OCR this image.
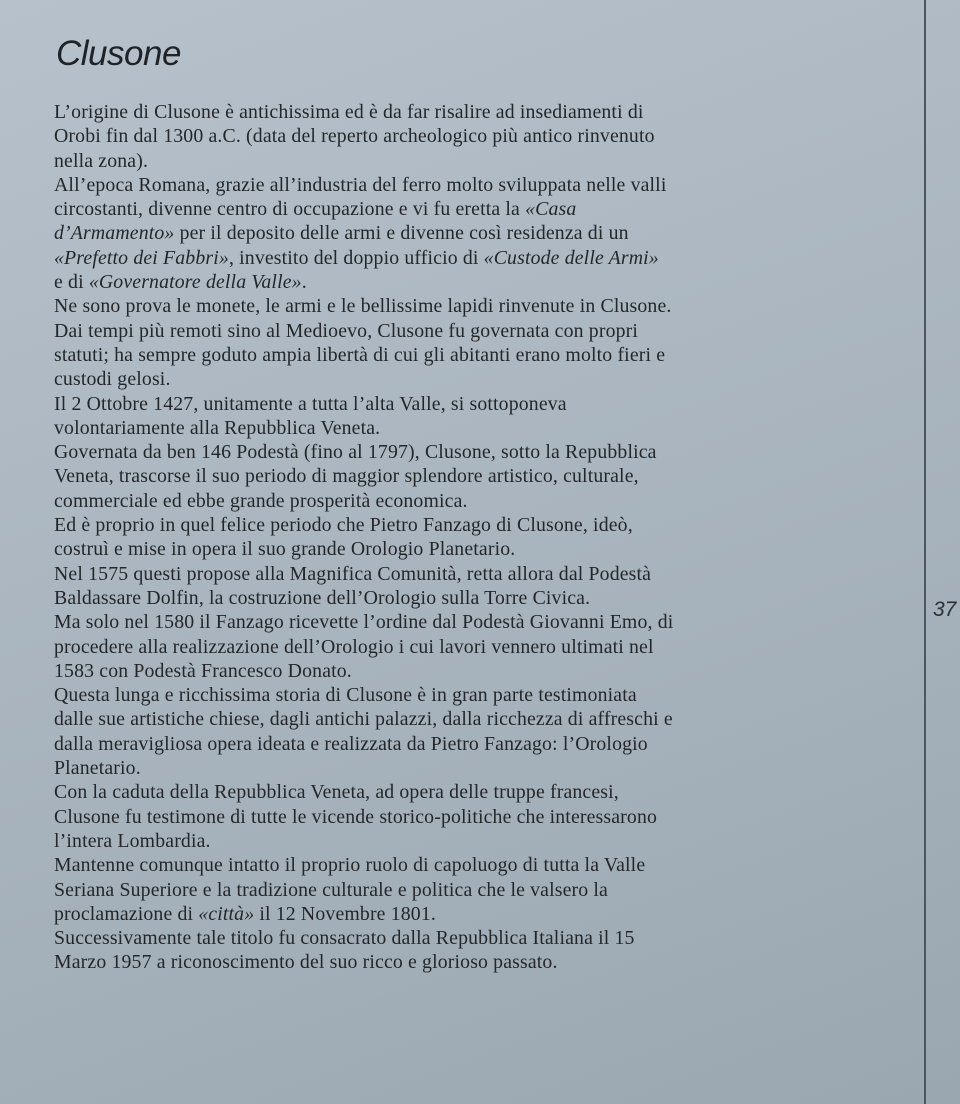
Clusone
L’origine di Clusone è antichissima ed è da far risalire ad insediamenti di
Orobi fin dal 1300 a.C. (data del reperto archeologico più antico rinvenuto
nella zona).
All’epoca Romana, grazie all’industria del ferro molto sviluppata nelle valli
circostanti, divenne centro di occupazione e vi fu eretta la «Casa
d’Armamento» per il deposito delle armi e divenne così residenza di un
«Prefetto dei Fabbri», investito del doppio ufficio di «Custode delle Armi»
e di «Governatore della Valle».
Ne sono prova le monete, le armi e le bellissime lapidi rinvenute in Clusone.
Dai tempi più remoti sino al Medioevo, Clusone fu governata con propri
statuti; ha sempre goduto ampia libertà di cui gli abitanti erano molto fieri e
custodi gelosi.
Il 2 Ottobre 1427, unitamente a tutta l’alta Valle, si sottoponeva
volontariamente alla Repubblica Veneta.
Governata da ben 146 Podestà (fino al 1797), Clusone, sotto la Repubblica
Veneta, trascorse il suo periodo di maggior splendore artistico, culturale,
commerciale ed ebbe grande prosperità economica.
Ed è proprio in quel felice periodo che Pietro Fanzago di Clusone, ideò,
costruì e mise in opera il suo grande Orologio Planetario.
Nel 1575 questi propose alla Magnifica Comunità, retta allora dal Podestà
Baldassare Dolfin, la costruzione dell’Orologio sulla Torre Civica.
Ma solo nel 1580 il Fanzago ricevette l’ordine dal Podestà Giovanni Emo, di
procedere alla realizzazione dell’Orologio i cui lavori vennero ultimati nel
1583 con Podestà Francesco Donato.
Questa lunga e ricchissima storia di Clusone è in gran parte testimoniata
dalle sue artistiche chiese, dagli antichi palazzi, dalla ricchezza di affreschi e
dalla meravigliosa opera ideata e realizzata da Pietro Fanzago: l’Orologio
Planetario.
Con la caduta della Repubblica Veneta, ad opera delle truppe francesi,
Clusone fu testimone di tutte le vicende storico-politiche che interessarono
l’intera Lombardia.
Mantenne comunque intatto il proprio ruolo di capoluogo di tutta la Valle
Seriana Superiore e la tradizione culturale e politica che le valsero la
proclamazione di «città» il 12 Novembre 1801.
Successivamente tale titolo fu consacrato dalla Repubblica Italiana il 15
Marzo 1957 a riconoscimento del suo ricco e glorioso passato.
37
